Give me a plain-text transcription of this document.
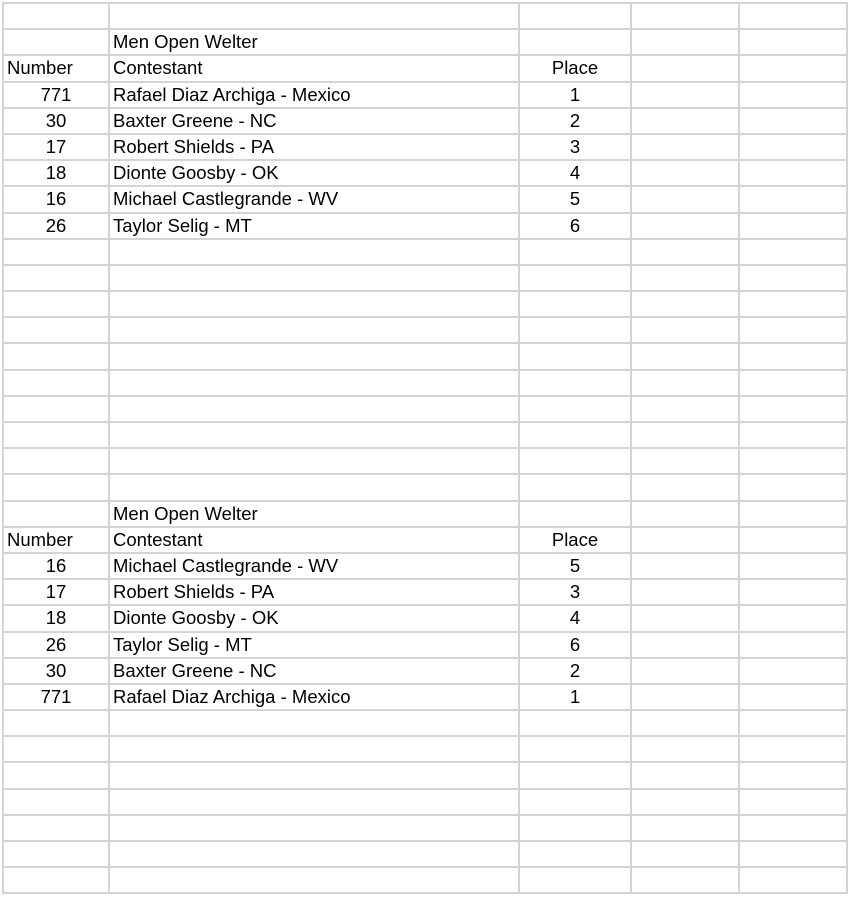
	Men Open Welter			
Number	Contestant	Place		
771	Rafael Diaz Archiga - Mexico	1		
30	Baxter Greene - NC	2		
17	Robert Shields - PA	3		
18	Dionte Goosby - OK	4		
16	Michael Castlegrande - WV	5		
26	Taylor Selig - MT	6		

	Men Open Welter			
Number	Contestant	Place		
16	Michael Castlegrande - WV	5		
17	Robert Shields - PA	3		
18	Dionte Goosby - OK	4		
26	Taylor Selig - MT	6		
30	Baxter Greene - NC	2		
771	Rafael Diaz Archiga - Mexico	1		
